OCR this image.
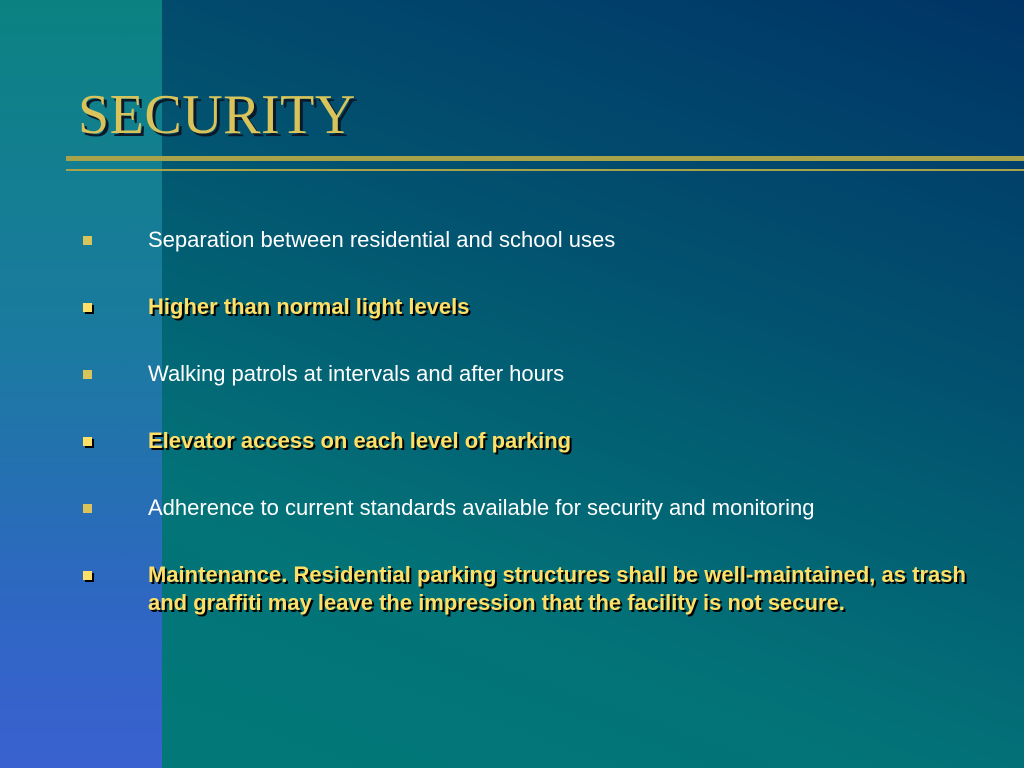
SECURITY
Separation between residential and school uses
Higher than normal light levels
Walking patrols at intervals and after hours
Elevator access on each level of parking
Adherence to current standards available for security and monitoring
Maintenance. Residential parking structures shall be well-maintained, as trash and graffiti may leave the impression that the facility is not secure.
